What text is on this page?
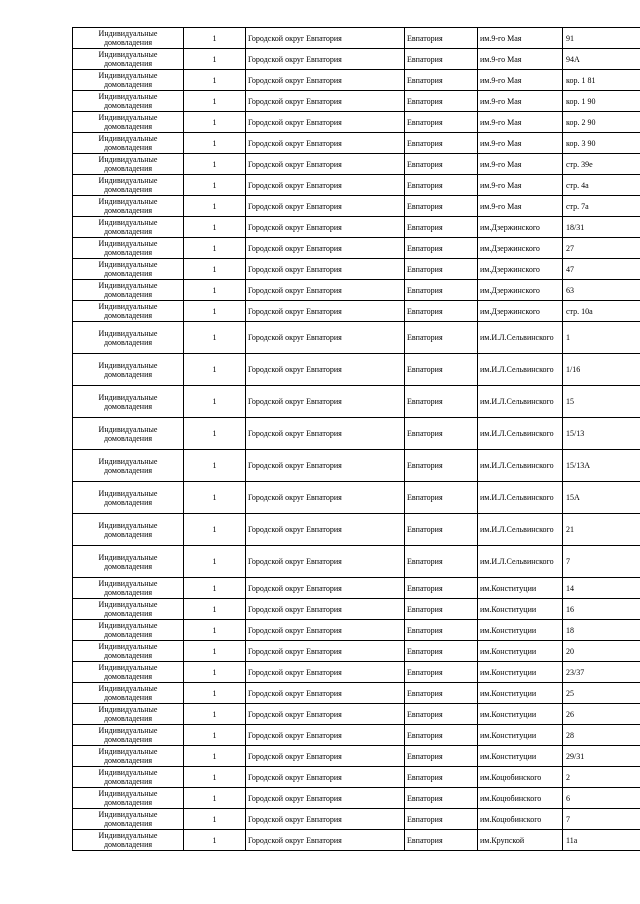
Индивидуальные домовладения	1	Городской округ Евпатория	Евпатория	им.9-го Мая	91
Индивидуальные домовладения	1	Городской округ Евпатория	Евпатория	им.9-го Мая	94А
Индивидуальные домовладения	1	Городской округ Евпатория	Евпатория	им.9-го Мая	кор. 1 81
Индивидуальные домовладения	1	Городской округ Евпатория	Евпатория	им.9-го Мая	кор. 1 90
Индивидуальные домовладения	1	Городской округ Евпатория	Евпатория	им.9-го Мая	кор. 2 90
Индивидуальные домовладения	1	Городской округ Евпатория	Евпатория	им.9-го Мая	кор. 3 90
Индивидуальные домовладения	1	Городской округ Евпатория	Евпатория	им.9-го Мая	стр. 39е
Индивидуальные домовладения	1	Городской округ Евпатория	Евпатория	им.9-го Мая	стр. 4а
Индивидуальные домовладения	1	Городской округ Евпатория	Евпатория	им.9-го Мая	стр. 7а
Индивидуальные домовладения	1	Городской округ Евпатория	Евпатория	им.Дзержинского	18/31
Индивидуальные домовладения	1	Городской округ Евпатория	Евпатория	им.Дзержинского	27
Индивидуальные домовладения	1	Городской округ Евпатория	Евпатория	им.Дзержинского	47
Индивидуальные домовладения	1	Городской округ Евпатория	Евпатория	им.Дзержинского	63
Индивидуальные домовладения	1	Городской округ Евпатория	Евпатория	им.Дзержинского	стр. 10а
Индивидуальные домовладения	1	Городской округ Евпатория	Евпатория	им.И.Л.Сельвинского	1
Индивидуальные домовладения	1	Городской округ Евпатория	Евпатория	им.И.Л.Сельвинского	1/16
Индивидуальные домовладения	1	Городской округ Евпатория	Евпатория	им.И.Л.Сельвинского	15
Индивидуальные домовладения	1	Городской округ Евпатория	Евпатория	им.И.Л.Сельвинского	15/13
Индивидуальные домовладения	1	Городской округ Евпатория	Евпатория	им.И.Л.Сельвинского	15/13А
Индивидуальные домовладения	1	Городской округ Евпатория	Евпатория	им.И.Л.Сельвинского	15А
Индивидуальные домовладения	1	Городской округ Евпатория	Евпатория	им.И.Л.Сельвинского	21
Индивидуальные домовладения	1	Городской округ Евпатория	Евпатория	им.И.Л.Сельвинского	7
Индивидуальные домовладения	1	Городской округ Евпатория	Евпатория	им.Конституции	14
Индивидуальные домовладения	1	Городской округ Евпатория	Евпатория	им.Конституции	16
Индивидуальные домовладения	1	Городской округ Евпатория	Евпатория	им.Конституции	18
Индивидуальные домовладения	1	Городской округ Евпатория	Евпатория	им.Конституции	20
Индивидуальные домовладения	1	Городской округ Евпатория	Евпатория	им.Конституции	23/37
Индивидуальные домовладения	1	Городской округ Евпатория	Евпатория	им.Конституции	25
Индивидуальные домовладения	1	Городской округ Евпатория	Евпатория	им.Конституции	26
Индивидуальные домовладения	1	Городской округ Евпатория	Евпатория	им.Конституции	28
Индивидуальные домовладения	1	Городской округ Евпатория	Евпатория	им.Конституции	29/31
Индивидуальные домовладения	1	Городской округ Евпатория	Евпатория	им.Коцюбинского	2
Индивидуальные домовладения	1	Городской округ Евпатория	Евпатория	им.Коцюбинского	6
Индивидуальные домовладения	1	Городской округ Евпатория	Евпатория	им.Коцюбинского	7
Индивидуальные домовладения	1	Городской округ Евпатория	Евпатория	им.Крупской	11а
